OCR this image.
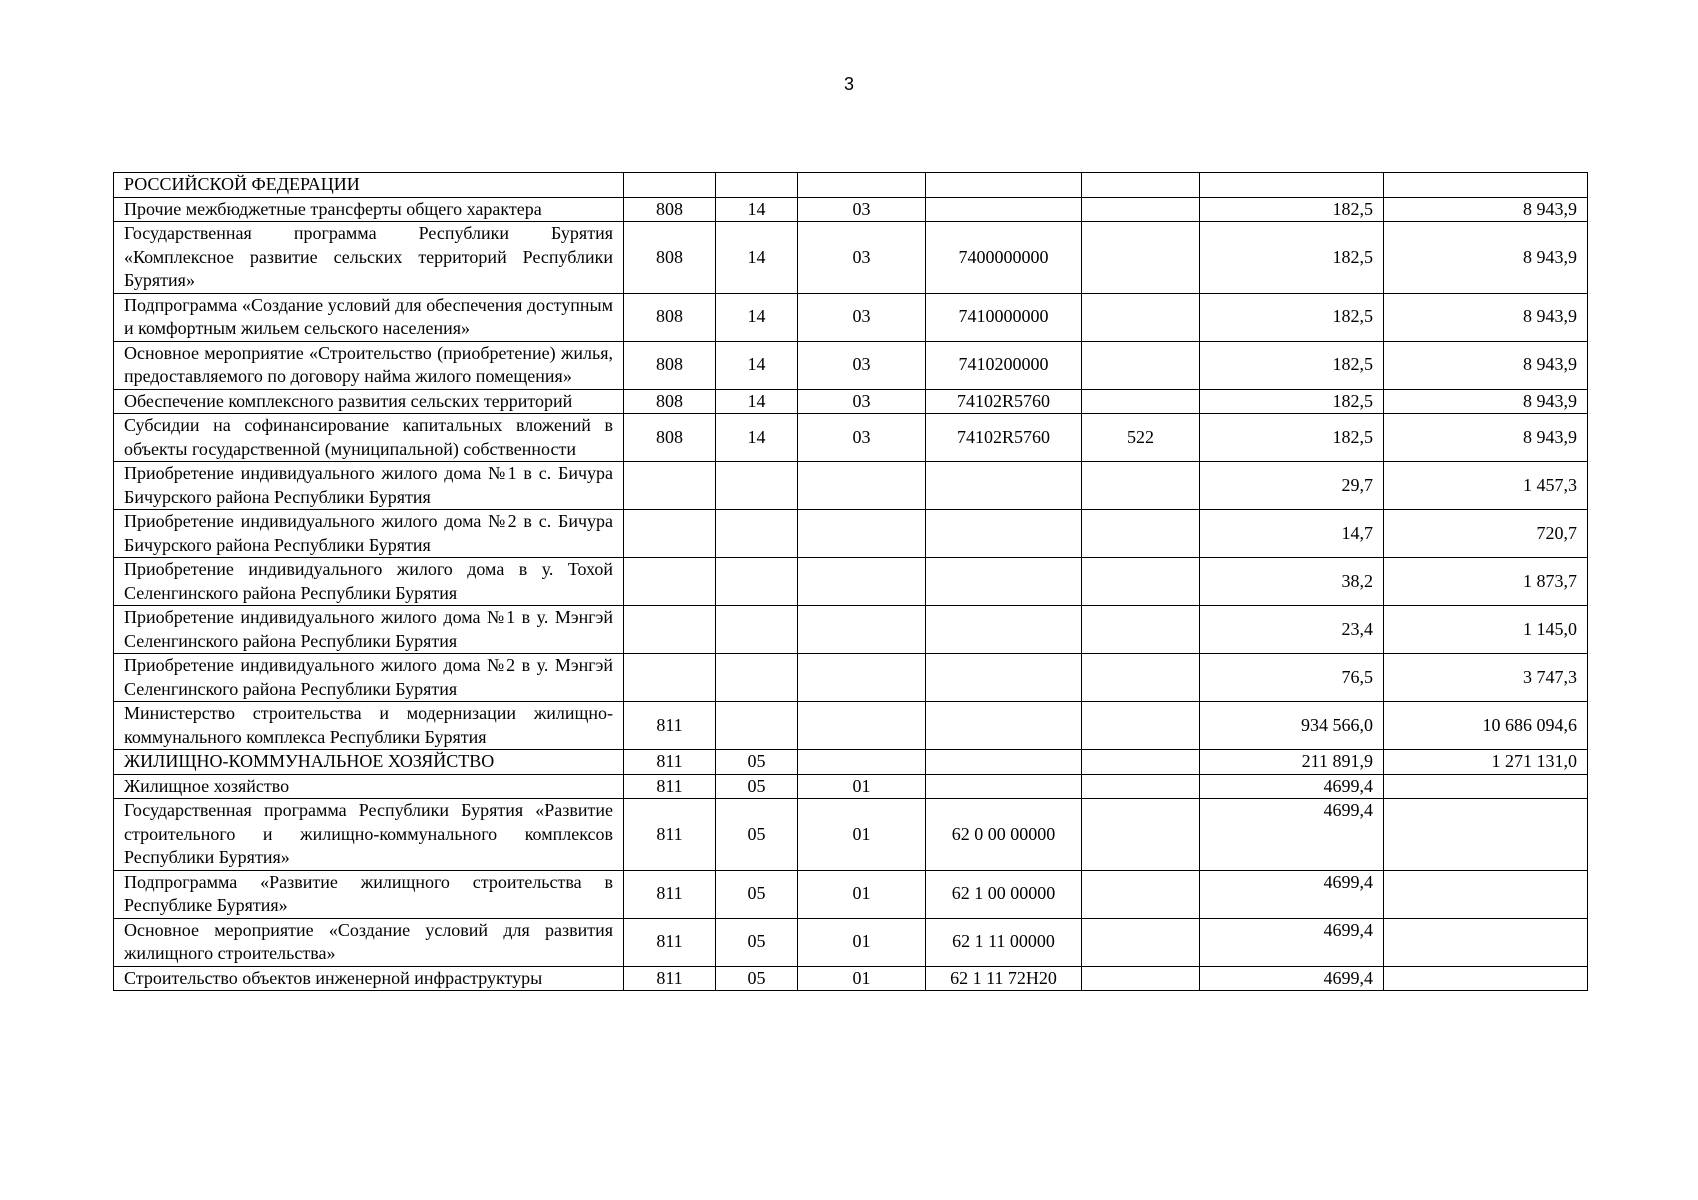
3
РОССИЙСКОЙ ФЕДЕРАЦИИ							
Прочие межбюджетные трансферты общего характера	808	14	03			182,5	8 943,9
Государственная программа Республики Бурятия «Комплексное развитие сельских территорий Республики Бурятия»	808	14	03	7400000000		182,5	8 943,9
Подпрограмма «Создание условий для обеспечения доступным и комфортным жильем сельского населения»	808	14	03	7410000000		182,5	8 943,9
Основное мероприятие «Строительство (приобретение) жилья, предоставляемого по договору найма жилого помещения»	808	14	03	7410200000		182,5	8 943,9
Обеспечение комплексного развития сельских территорий	808	14	03	74102R5760		182,5	8 943,9
Субсидии на софинансирование капитальных вложений в объекты государственной (муниципальной) собственности	808	14	03	74102R5760	522	182,5	8 943,9
Приобретение индивидуального жилого дома №1 в с. Бичура Бичурского района Республики Бурятия						29,7	1 457,3
Приобретение индивидуального жилого дома №2 в с. Бичура Бичурского района Республики Бурятия						14,7	720,7
Приобретение индивидуального жилого дома в у. Тохой Селенгинского района Республики Бурятия						38,2	1 873,7
Приобретение индивидуального жилого дома №1 в у. Мэнгэй Селенгинского района Республики Бурятия						23,4	1 145,0
Приобретение индивидуального жилого дома №2 в у. Мэнгэй Селенгинского района Республики Бурятия						76,5	3 747,3
Министерство строительства и модернизации жилищно-коммунального комплекса Республики Бурятия	811					934 566,0	10 686 094,6
ЖИЛИЩНО-КОММУНАЛЬНОЕ ХОЗЯЙСТВО	811	05				211 891,9	1 271 131,0
Жилищное хозяйство	811	05	01			4699,4	
Государственная программа Республики Бурятия «Развитие строительного и жилищно-коммунального комплексов Республики Бурятия»	811	05	01	62 0 00 00000		4699,4	
Подпрограмма «Развитие жилищного строительства в Республике Бурятия»	811	05	01	62 1 00 00000		4699,4	
Основное мероприятие «Создание условий для развития жилищного строительства»	811	05	01	62 1 11 00000		4699,4	
Строительство объектов инженерной инфраструктуры	811	05	01	62 1 11 72Н20		4699,4	
